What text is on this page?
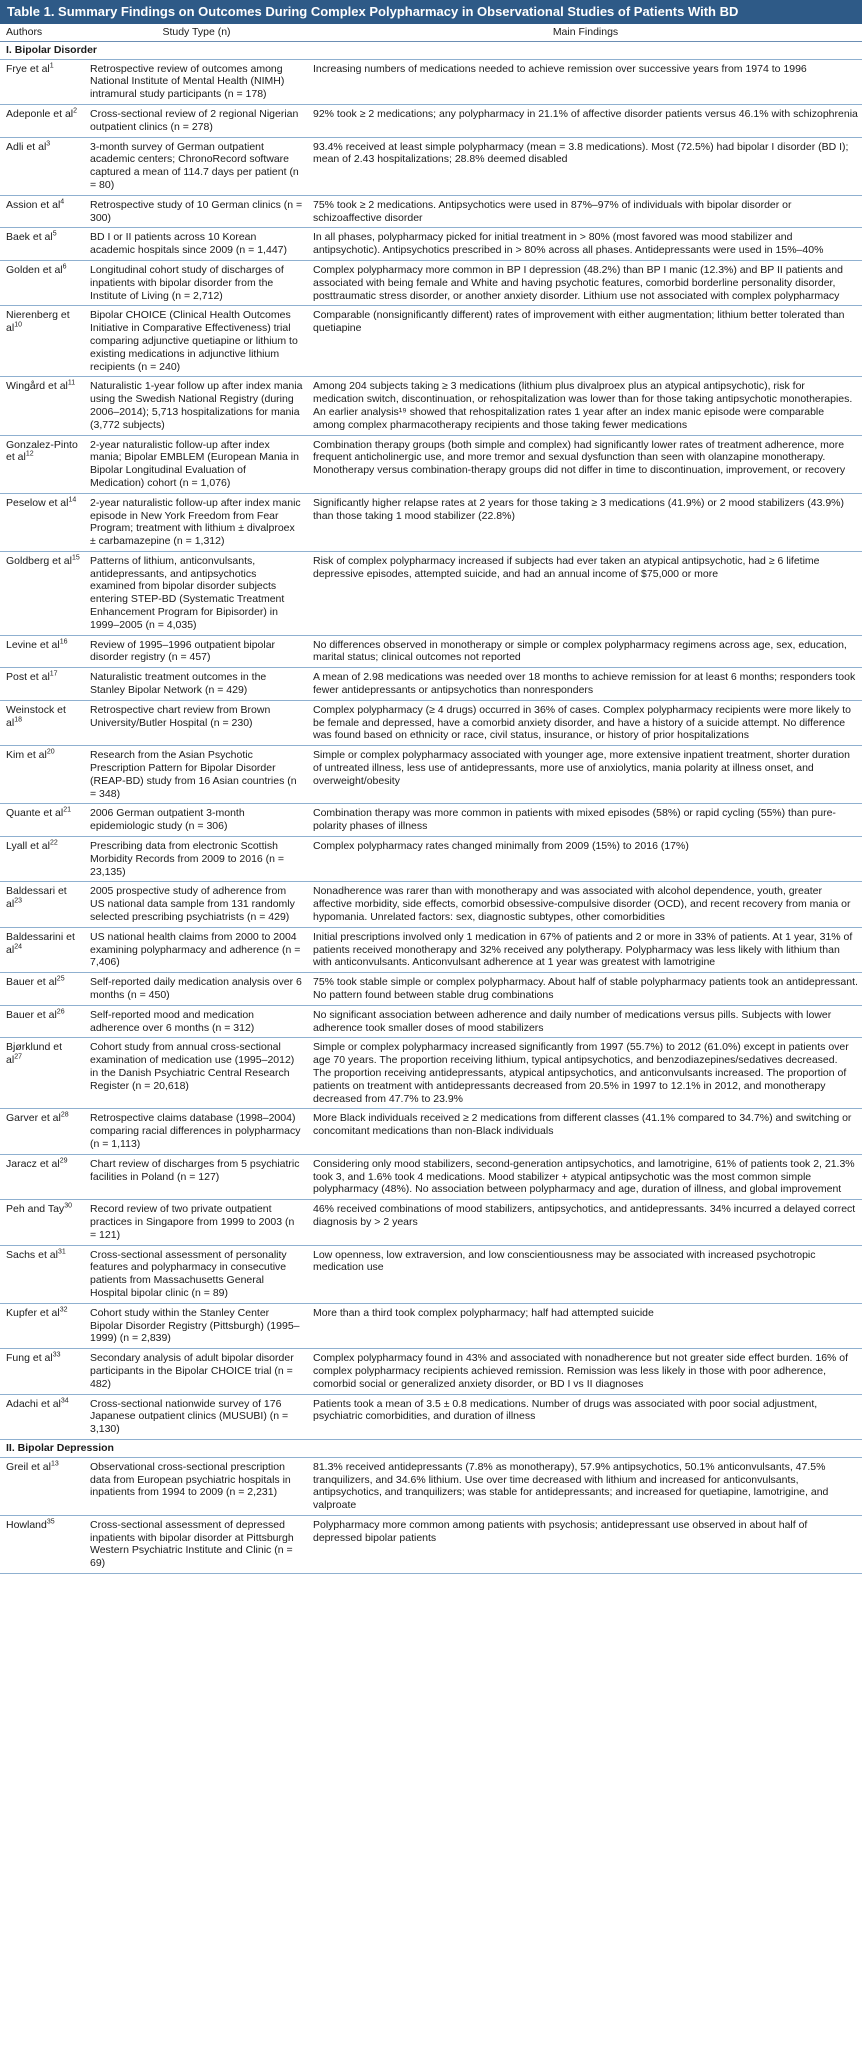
Table 1. Summary Findings on Outcomes During Complex Polypharmacy in Observational Studies of Patients With BD
Authors	Study Type (n)	Main Findings
I. Bipolar Disorder		
Frye et $al^1$	Retrospective review of outcomes among National Institute of Mental Health (NIMH) intramural study participants (n = 178)	Increasing numbers of medications needed to achieve remission over successive years from 1974 to 1996
Adeponle et $al^2$	Cross-sectional review of 2 regional Nigerian outpatient clinics (n = 278)	92% took ≥ 2 medications; any polypharmacy in 21.1% of affective disorder patients versus 46.1% with schizophrenia
Adli et $al^3$	3-month survey of German outpatient academic centers; ChronoRecord software captured a mean of 114.7 days per patient (n = 80)	93.4% received at least simple polypharmacy (mean = 3.8 medications). Most (72.5%) had bipolar I disorder (BD I); mean of 2.43 hospitalizations; 28.8% deemed disabled
Assion et $al^4$	Retrospective study of 10 German clinics (n = 300)	75% took ≥ 2 medications. Antipsychotics were used in 87%–97% of individuals with bipolar disorder or schizoaffective disorder
Baek et $al^5$	BD I or II patients across 10 Korean academic hospitals since 2009 (n = 1,447)	In all phases, polypharmacy picked for initial treatment in > 80% (most favored was mood stabilizer and antipsychotic). Antipsychotics prescribed in > 80% across all phases. Antidepressants were used in 15%–40%
Golden et $al^6$	Longitudinal cohort study of discharges of inpatients with bipolar disorder from the Institute of Living (n = 2,712)	Complex polypharmacy more common in BP I depression (48.2%) than BP I manic (12.3%) and BP II patients and associated with being female and White and having psychotic features, comorbid borderline personality disorder, posttraumatic stress disorder, or another anxiety disorder. Lithium use not associated with complex polypharmacy
Nierenberg et $al^{10}$	Bipolar CHOICE (Clinical Health Outcomes Initiative in Comparative Effectiveness) trial comparing adjunctive quetiapine or lithium to existing medications in adjunctive lithium recipients (n = 240)	Comparable (nonsignificantly different) rates of improvement with either augmentation; lithium better tolerated than quetiapine
Wingård et $al^{11}$	Naturalistic 1-year follow up after index mania using the Swedish National Registry (during 2006–2014); 5,713 hospitalizations for mania (3,772 subjects)	Among 204 subjects taking ≥ 3 medications (lithium plus divalproex plus an atypical antipsychotic), risk for medication switch, discontinuation, or rehospitalization was lower than for those taking antipsychotic monotherapies. An earlier analysis¹⁹ showed that rehospitalization rates 1 year after an index manic episode were comparable among complex pharmacotherapy recipients and those taking fewer medications
Gonzalez-Pinto et $al^{12}$	2-year naturalistic follow-up after index mania; Bipolar EMBLEM (European Mania in Bipolar Longitudinal Evaluation of Medication) cohort (n = 1,076)	Combination therapy groups (both simple and complex) had significantly lower rates of treatment adherence, more frequent anticholinergic use, and more tremor and sexual dysfunction than seen with olanzapine monotherapy. Monotherapy versus combination-therapy groups did not differ in time to discontinuation, improvement, or recovery
Peselow et $al^{14}$	2-year naturalistic follow-up after index manic episode in New York Freedom from Fear Program; treatment with lithium ± divalproex ± carbamazepine (n = 1,312)	Significantly higher relapse rates at 2 years for those taking ≥ 3 medications (41.9%) or 2 mood stabilizers (43.9%) than those taking 1 mood stabilizer (22.8%)
Goldberg et $al^{15}$	Patterns of lithium, anticonvulsants, antidepressants, and antipsychotics examined from bipolar disorder subjects entering STEP-BD (Systematic Treatment Enhancement Program for Bipisorder) in 1999–2005 (n = 4,035)	Risk of complex polypharmacy increased if subjects had ever taken an atypical antipsychotic, had ≥ 6 lifetime depressive episodes, attempted suicide, and had an annual income of $75,000 or more
Levine et $al^{16}$	Review of 1995–1996 outpatient bipolar disorder registry (n = 457)	No differences observed in monotherapy or simple or complex polypharmacy regimens across age, sex, education, marital status; clinical outcomes not reported
Post et $al^{17}$	Naturalistic treatment outcomes in the Stanley Bipolar Network (n = 429)	A mean of 2.98 medications was needed over 18 months to achieve remission for at least 6 months; responders took fewer antidepressants or antipsychotics than nonresponders
Weinstock et $al^{18}$	Retrospective chart review from Brown University/Butler Hospital (n = 230)	Complex polypharmacy (≥ 4 drugs) occurred in 36% of cases. Complex polypharmacy recipients were more likely to be female and depressed, have a comorbid anxiety disorder, and have a history of a suicide attempt. No difference was found based on ethnicity or race, civil status, insurance, or history of prior hospitalizations
Kim et $al^{20}$	Research from the Asian Psychotic Prescription Pattern for Bipolar Disorder (REAP-BD) study from 16 Asian countries (n = 348)	Simple or complex polypharmacy associated with younger age, more extensive inpatient treatment, shorter duration of untreated illness, less use of antidepressants, more use of anxiolytics, mania polarity at illness onset, and overweight/obesity
Quante et $al^{21}$	2006 German outpatient 3-month epidemiologic study (n = 306)	Combination therapy was more common in patients with mixed episodes (58%) or rapid cycling (55%) than pure-polarity phases of illness
Lyall et $al^{22}$	Prescribing data from electronic Scottish Morbidity Records from 2009 to 2016 (n = 23,135)	Complex polypharmacy rates changed minimally from 2009 (15%) to 2016 (17%)
Baldessari et $al^{23}$	2005 prospective study of adherence from US national data sample from 131 randomly selected prescribing psychiatrists (n = 429)	Nonadherence was rarer than with monotherapy and was associated with alcohol dependence, youth, greater affective morbidity, side effects, comorbid obsessive-compulsive disorder (OCD), and recent recovery from mania or hypomania. Unrelated factors: sex, diagnostic subtypes, other comorbidities
Baldessarini et $al^{24}$	US national health claims from 2000 to 2004 examining polypharmacy and adherence (n = 7,406)	Initial prescriptions involved only 1 medication in 67% of patients and 2 or more in 33% of patients. At 1 year, 31% of patients received monotherapy and 32% received any polytherapy. Polypharmacy was less likely with lithium than with anticonvulsants. Anticonvulsant adherence at 1 year was greatest with lamotrigine
Bauer et $al^{25}$	Self-reported daily medication analysis over 6 months (n = 450)	75% took stable simple or complex polypharmacy. About half of stable polypharmacy patients took an antidepressant. No pattern found between stable drug combinations
Bauer et $al^{26}$	Self-reported mood and medication adherence over 6 months (n = 312)	No significant association between adherence and daily number of medications versus pills. Subjects with lower adherence took smaller doses of mood stabilizers
Bjørklund et $al^{27}$	Cohort study from annual cross-sectional examination of medication use (1995–2012) in the Danish Psychiatric Central Research Register (n = 20,618)	Simple or complex polypharmacy increased significantly from 1997 (55.7%) to 2012 (61.0%) except in patients over age 70 years. The proportion receiving lithium, typical antipsychotics, and benzodiazepines/sedatives decreased. The proportion receiving antidepressants, atypical antipsychotics, and anticonvulsants increased. The proportion of patients on treatment with antidepressants decreased from 20.5% in 1997 to 12.1% in 2012, and monotherapy decreased from 47.7% to 23.9%
Garver et $al^{28}$	Retrospective claims database (1998–2004) comparing racial differences in polypharmacy (n = 1,113)	More Black individuals received ≥ 2 medications from different classes (41.1% compared to 34.7%) and switching or concomitant medications than non-Black individuals
Jaracz et $al^{29}$	Chart review of discharges from 5 psychiatric facilities in Poland (n = 127)	Considering only mood stabilizers, second-generation antipsychotics, and lamotrigine, 61% of patients took 2, 21.3% took 3, and 1.6% took 4 medications. Mood stabilizer + atypical antipsychotic was the most common simple polypharmacy (48%). No association between polypharmacy and age, duration of illness, and global improvement
Peh and Tay$^{30}$	Record review of two private outpatient practices in Singapore from 1999 to 2003 (n = 121)	46% received combinations of mood stabilizers, antipsychotics, and antidepressants. 34% incurred a delayed correct diagnosis by > 2 years
Sachs et $al^{31}$	Cross-sectional assessment of personality features and polypharmacy in consecutive patients from Massachusetts General Hospital bipolar clinic (n = 89)	Low openness, low extraversion, and low conscientiousness may be associated with increased psychotropic medication use
Kupfer et $al^{32}$	Cohort study within the Stanley Center Bipolar Disorder Registry (Pittsburgh) (1995–1999) (n = 2,839)	More than a third took complex polypharmacy; half had attempted suicide
Fung et $al^{33}$	Secondary analysis of adult bipolar disorder participants in the Bipolar CHOICE trial (n = 482)	Complex polypharmacy found in 43% and associated with nonadherence but not greater side effect burden. 16% of complex polypharmacy recipients achieved remission. Remission was less likely in those with poor adherence, comorbid social or generalized anxiety disorder, or BD I vs II diagnoses
Adachi et $al^{34}$	Cross-sectional nationwide survey of 176 Japanese outpatient clinics (MUSUBI) (n = 3,130)	Patients took a mean of 3.5 ± 0.8 medications. Number of drugs was associated with poor social adjustment, psychiatric comorbidities, and duration of illness
II. Bipolar Depression		
Greil et $al^{13}$	Observational cross-sectional prescription data from European psychiatric hospitals in inpatients from 1994 to 2009 (n = 2,231)	81.3% received antidepressants (7.8% as monotherapy), 57.9% antipsychotics, 50.1% anticonvulsants, 47.5% tranquilizers, and 34.6% lithium. Use over time decreased with lithium and increased for anticonvulsants, antipsychotics, and tranquilizers; was stable for antidepressants; and increased for quetiapine, lamotrigine, and valproate
Howland$^{35}$	Cross-sectional assessment of depressed inpatients with bipolar disorder at Pittsburgh Western Psychiatric Institute and Clinic (n = 69)	Polypharmacy more common among patients with psychosis; antidepressant use observed in about half of depressed bipolar patients
